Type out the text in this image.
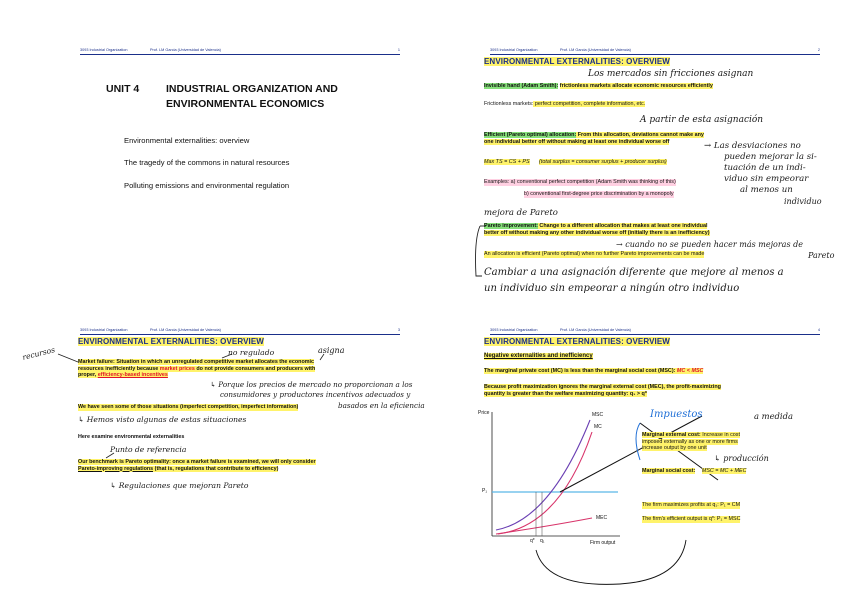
3093 Industrial Organization	Prof. LM Garcia (Universidad de Valencia)	1
UNIT 4	INDUSTRIAL ORGANIZATION AND
ENVIRONMENTAL ECONOMICS
Environmental externalities: overview
The tragedy of the commons in natural resources
Polluting emissions and environmental regulation
3093 Industrial Organization	Prof. LM Garcia (Universidad de Valencia)	2
ENVIRONMENTAL EXTERNALITIES: OVERVIEW
Invisible hand (Adam Smith): frictionless markets allocate economic resources efficiently
Frictionless markets: perfect competition, complete information, etc.
Efficient (Pareto optimal) allocation: From this allocation, deviations cannot make any
one individual better off without making at least one individual worse off
Max TS = CS + PS (total surplus = consumer surplus + producer surplus)
Examples: a) conventional perfect competition (Adam Smith was thinking of this)
b) conventional first-degree price discrimination by a monopoly
Pareto improvement: Change to a different allocation that makes at least one individual
better off without making any other individual worse off (initially there is an inefficiency)
An allocation is efficient (Pareto optimal) when no further Pareto improvements can be made
Los mercados sin fricciones asignan
A partir de esta asignación
→ Las desviaciones no
pueden mejorar la si-
tuación de un indi-
viduo sin empeorar
al menos un
individuo
mejora de Pareto
→ cuando no se pueden hacer más mejoras de
Pareto
Cambiar a una asignación diferente que mejore al menos a
un individuo sin empeorar a ningún otro individuo
3093 Industrial Organization	Prof. LM Garcia (Universidad de Valencia)	3
ENVIRONMENTAL EXTERNALITIES: OVERVIEW
Market failure: Situation in which an unregulated competitive market allocates the economic
resources inefficiently because market prices do not provide consumers and producers with
proper, efficiency-based incentives
We have seen some of those situations (imperfect competition, imperfect information)
Here examine environmental externalities
Our benchmark is Pareto optimality: once a market failure is examined, we will only consider
Pareto-improving regulations (that is, regulations that contribute to efficiency)
recursos	no regulado	asigna
↳ Porque los precios de mercado no proporcionan a los
consumidores y productores incentivos adecuados y
basados en la eficiencia
↳ Hemos visto algunas de estas situaciones
Punto de referencia
↳ Regulaciones que mejoran Pareto
3093 Industrial Organization	Prof. LM Garcia (Universidad de Valencia)	4
ENVIRONMENTAL EXTERNALITIES: OVERVIEW
Negative externalities and inefficiency
The marginal private cost (MC) is less than the marginal social cost (MSC): MC < MSC
Because profit maximization ignores the marginal external cost (MEC), the profit-maximizing
quantity is greater than the welfare maximizing quantity: q₁ > q*
Price
Firm output
MSC
MC
MEC
P₁
q* q₁
Marginal external cost: Increase in cost
imposed externally as one or more firms
increase output by one unit
Marginal social cost: MSC = MC + MEC
The firm maximizes profits at q₁: P₁ = CM
The firm's efficient output is q*: P₁ = MSC
Impuestos	a medida
↳ producción
